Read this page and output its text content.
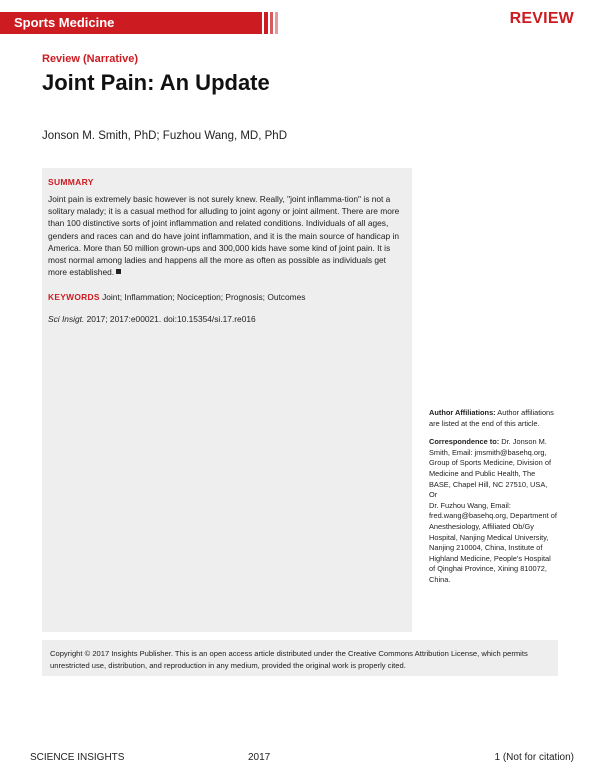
Sports Medicine	REVIEW
Review (Narrative)
Joint Pain: An Update
Jonson M. Smith, PhD; Fuzhou Wang, MD, PhD
SUMMARY
Joint pain is extremely basic however is not surely knew. Really, "joint inflamma-tion" is not a solitary malady; it is a casual method for alluding to joint agony or joint ailment. There are more than 100 distinctive sorts of joint inflammation and related conditions. Individuals of all ages, genders and races can and do have joint inflammation, and it is the main source of handicap in America. More than 50 million grown-ups and 300,000 kids have some kind of joint pain. It is most normal among ladies and happens all the more as often as possible as individuals get more established.
KEYWORDS Joint; Inflammation; Nociception; Prognosis; Outcomes
Sci Insigt. 2017; 2017:e00021. doi:10.15354/si.17.re016
Author Affiliations: Author affiliations are listed at the end of this article.
Correspondence to: Dr. Jonson M. Smith, Email: jmsmith@basehq.org, Group of Sports Medicine, Division of Medicine and Public Health, The BASE, Chapel Hill, NC 27510, USA,
Or
Dr. Fuzhou Wang, Email: fred.wang@basehq.org, Department of Anesthesiology, Affiliated Ob/Gy Hospital, Nanjing Medical University, Nanjing 210004, China, Institute of Highland Medicine, People's Hospital of Qinghai Province, Xining 810072, China.
Copyright © 2017 Insights Publisher. This is an open access article distributed under the Creative Commons Attribution License, which permits unrestricted use, distribution, and reproduction in any medium, provided the original work is properly cited.
SCIENCE INSIGHTS	2017	1 (Not for citation)
